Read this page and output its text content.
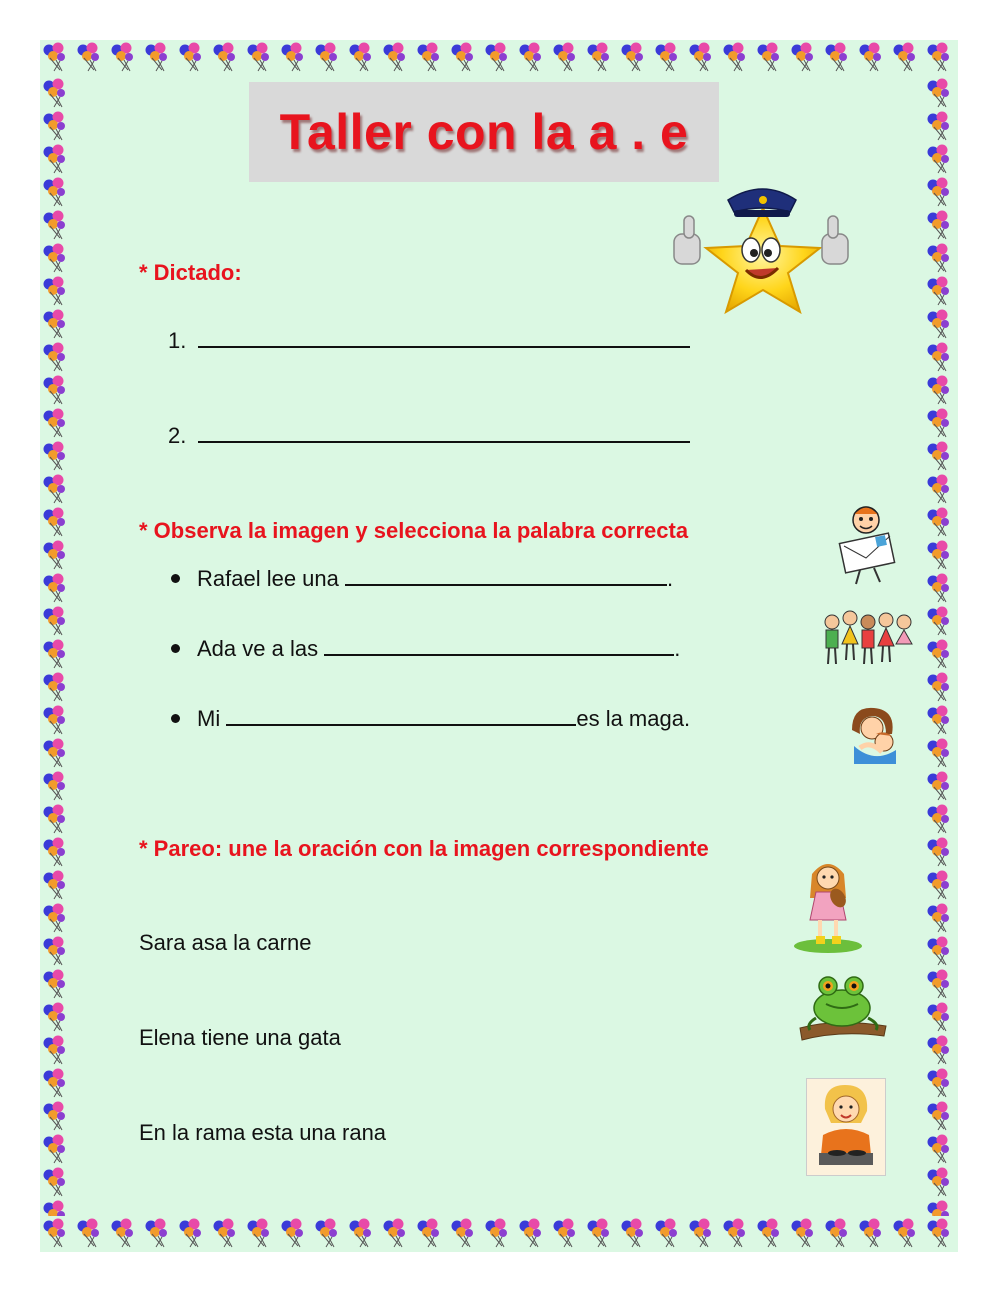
Taller con la a . e
* Dictado:
1.
2.
* Observa la imagen y selecciona la palabra correcta
Rafael lee una	.
Ada ve a las	.
Mi	es la maga.
* Pareo: une la oración con la imagen correspondiente
Sara asa la carne
Elena tiene una gata
En la rama esta una rana
